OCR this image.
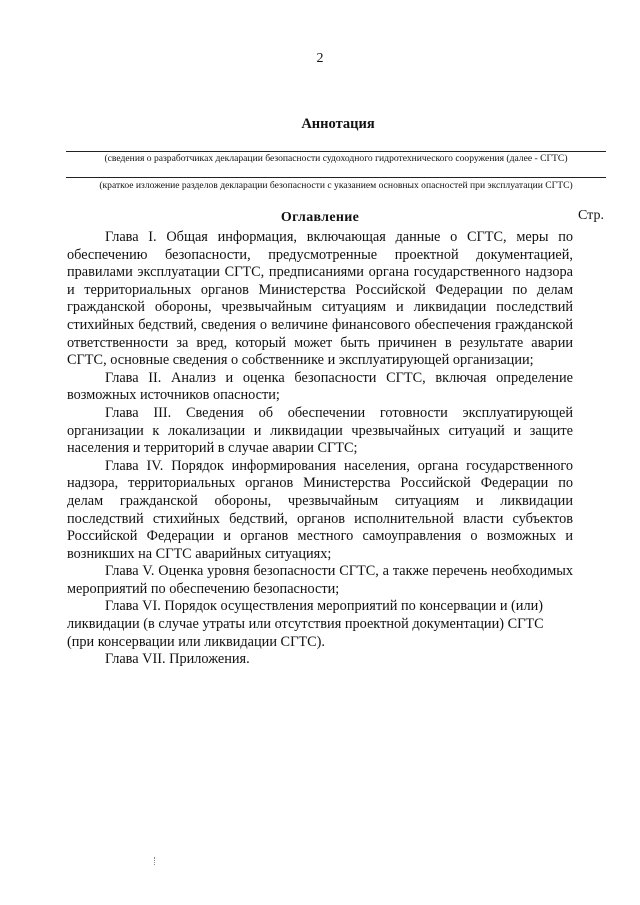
2
Аннотация
(сведения о разработчиках декларации безопасности судоходного гидротехнического сооружения (далее - СГТС)
(краткое изложение разделов декларации безопасности с указанием основных опасностей при эксплуатации СГТС)
Оглавление	Стр.

Глава I. Общая информация, включающая данные о СГТС, меры по обеспечению безопасности, предусмотренные проектной документацией, правилами эксплуатации СГТС, предписаниями органа государственного надзора и территориальных органов Министерства Российской Федерации по делам гражданской обороны, чрезвычайным ситуациям и ликвидации последствий стихийных бедствий, сведения о величине финансового обеспечения гражданской ответственности за вред, который может быть причинен в результате аварии СГТС, основные сведения о собственнике и эксплуатирующей организации;

Глава II. Анализ и оценка безопасности СГТС, включая определение возможных источников опасности;

Глава III. Сведения об обеспечении готовности эксплуатирующей организации к локализации и ликвидации чрезвычайных ситуаций и защите населения и территорий в случае аварии СГТС;

Глава IV. Порядок информирования населения, органа государственного надзора, территориальных органов Министерства Российской Федерации по делам гражданской обороны, чрезвычайным ситуациям и ликвидации последствий стихийных бедствий, органов исполнительной власти субъектов Российской Федерации и органов местного самоуправления о возможных и возникших на СГТС аварийных ситуациях;

Глава V. Оценка уровня безопасности СГТС, а также перечень необходимых мероприятий по обеспечению безопасности;

Глава VI. Порядок осуществления мероприятий по консервации и (или) ликвидации (в случае утраты или отсутствия проектной документации) СГТС (при консервации или ликвидации СГТС).

Глава VII. Приложения.
